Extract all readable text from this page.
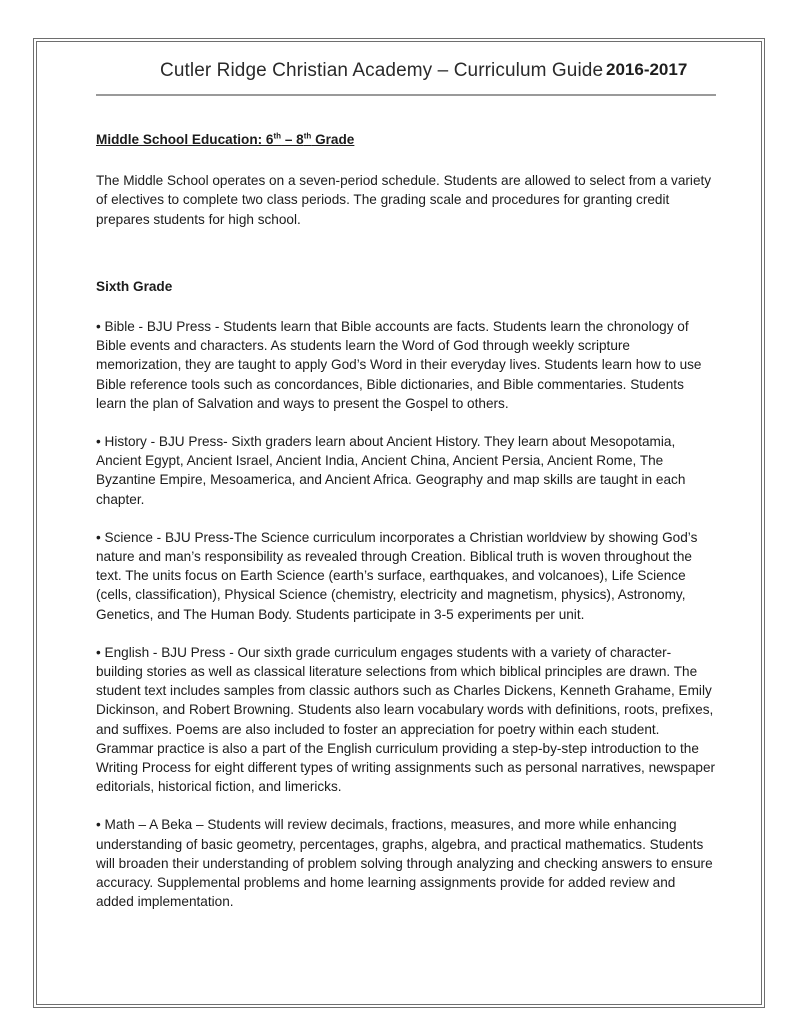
Cutler Ridge Christian Academy – Curriculum Guide 2016-2017
Middle School Education: 6th – 8th Grade

The Middle School operates on a seven-period schedule. Students are allowed to select from a variety of electives to complete two class periods. The grading scale and procedures for granting credit prepares students for high school.

Sixth Grade

• Bible - BJU Press - Students learn that Bible accounts are facts. Students learn the chronology of Bible events and characters. As students learn the Word of God through weekly scripture memorization, they are taught to apply God’s Word in their everyday lives. Students learn how to use Bible reference tools such as concordances, Bible dictionaries, and Bible commentaries. Students learn the plan of Salvation and ways to present the Gospel to others.

• History - BJU Press- Sixth graders learn about Ancient History. They learn about Mesopotamia, Ancient Egypt, Ancient Israel, Ancient India, Ancient China, Ancient Persia, Ancient Rome, The Byzantine Empire, Mesoamerica, and Ancient Africa. Geography and map skills are taught in each chapter.

• Science - BJU Press-The Science curriculum incorporates a Christian worldview by showing God’s nature and man’s responsibility as revealed through Creation. Biblical truth is woven throughout the text. The units focus on Earth Science (earth’s surface, earthquakes, and volcanoes), Life Science (cells, classification), Physical Science (chemistry, electricity and magnetism, physics), Astronomy, Genetics, and The Human Body. Students participate in 3-5 experiments per unit.

• English - BJU Press - Our sixth grade curriculum engages students with a variety of character-building stories as well as classical literature selections from which biblical principles are drawn. The student text includes samples from classic authors such as Charles Dickens, Kenneth Grahame, Emily Dickinson, and Robert Browning. Students also learn vocabulary words with definitions, roots, prefixes, and suffixes. Poems are also included to foster an appreciation for poetry within each student. Grammar practice is also a part of the English curriculum providing a step-by-step introduction to the Writing Process for eight different types of writing assignments such as personal narratives, newspaper editorials, historical fiction, and limericks.

• Math – A Beka – Students will review decimals, fractions, measures, and more while enhancing understanding of basic geometry, percentages, graphs, algebra, and practical mathematics. Students will broaden their understanding of problem solving through analyzing and checking answers to ensure accuracy. Supplemental problems and home learning assignments provide for added review and added implementation.
